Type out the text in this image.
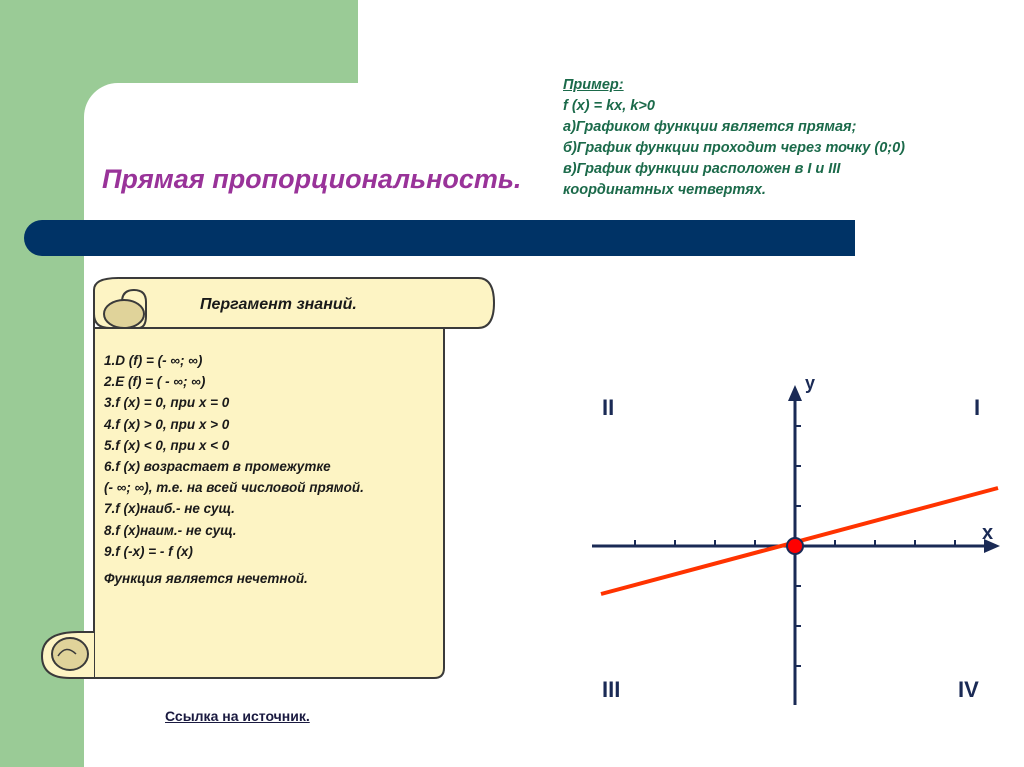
Прямая пропорциональность.
Пример:
f (x) = kx, k>0
а)Графиком функции является прямая;
б)График функции проходит через точку (0;0)
в)График функции расположен в I и III
координатных четвертях.
Пергамент знаний.
1.D (f) = (- ∞; ∞)
2.E (f) = ( - ∞; ∞)
3.f (x) = 0, при x = 0
4.f (x) > 0, при x > 0
5.f (x) < 0, при x < 0
6.f (x) возрастает в промежутке
(- ∞; ∞), т.е. на всей числовой прямой.
7.f (x)наиб.- не сущ.
8.f (x)наим.- не сущ.
9.f (-x) = - f (x)
Функция является нечетной.
Ссылка на источник.
y
x
II	I
III	IV
